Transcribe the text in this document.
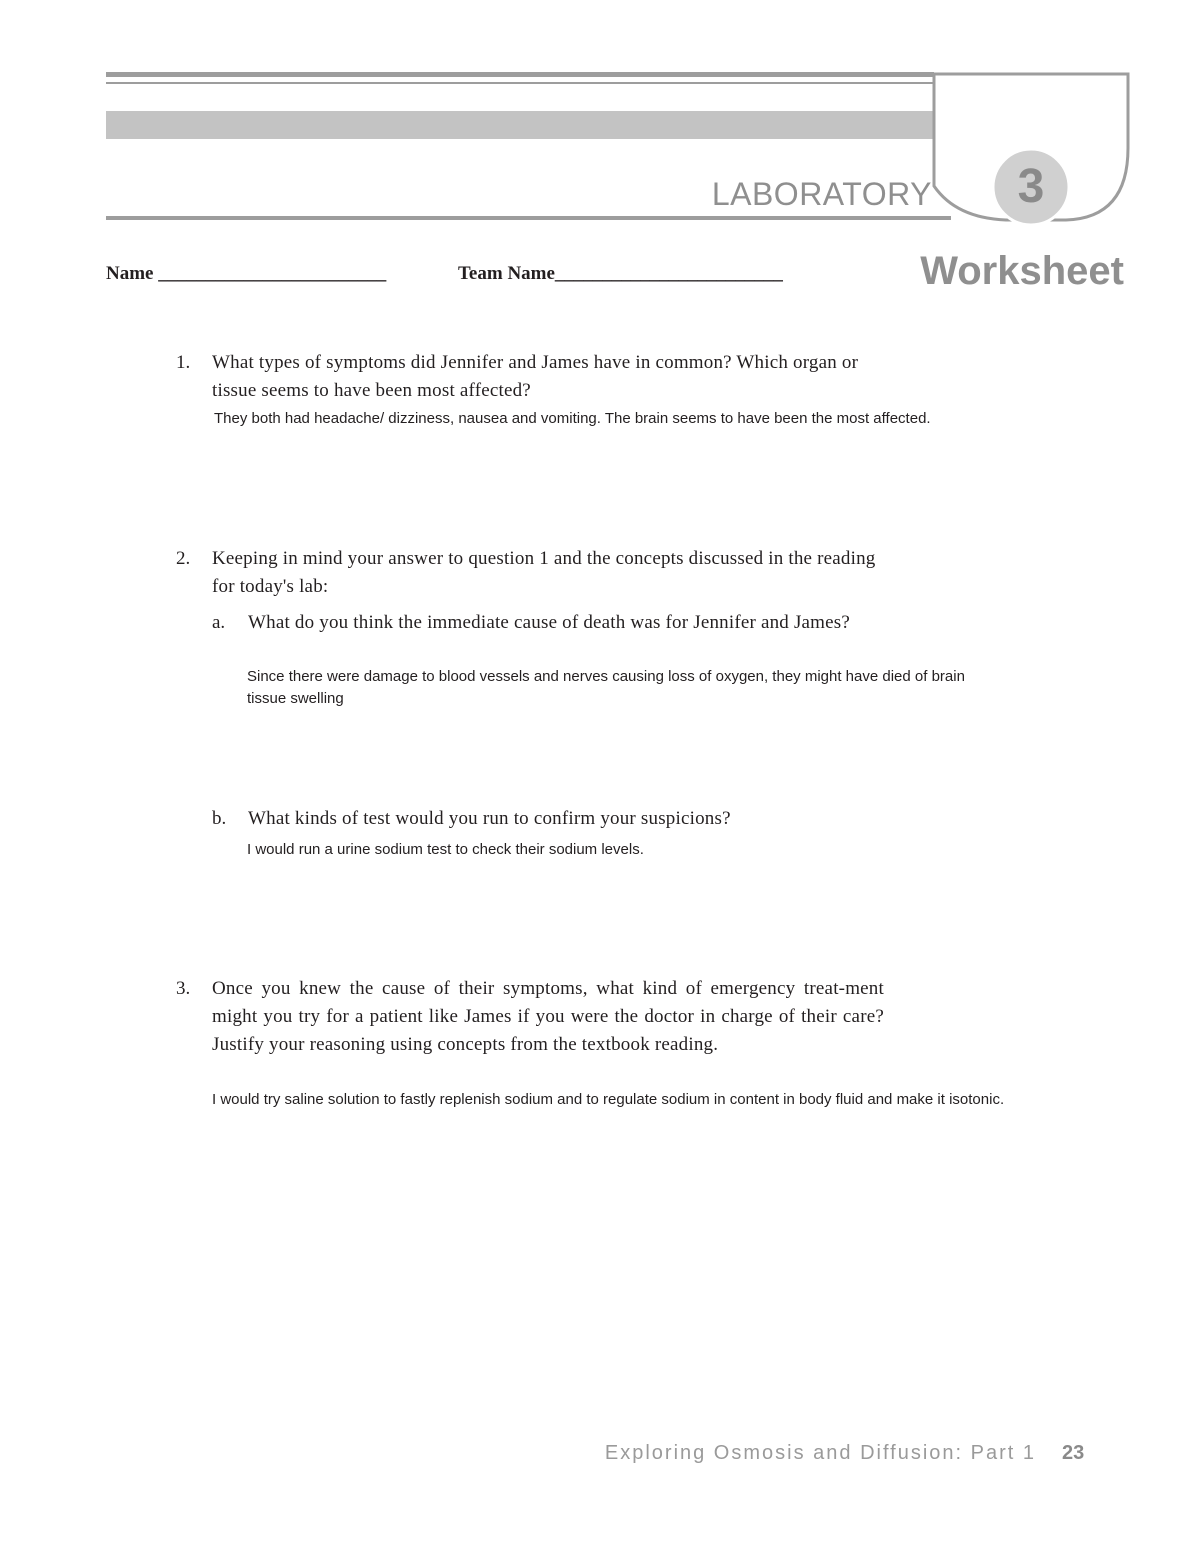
LABORATORY	3
Name ________________________	Team Name________________________	Worksheet
1. What types of symptoms did Jennifer and James have in common? Which organ or tissue seems to have been most affected?
They both had headache/ dizziness, nausea and vomiting. The brain seems to have been the most affected.
2. Keeping in mind your answer to question 1 and the concepts discussed in the reading for today's lab:
a. What do you think the immediate cause of death was for Jennifer and James?
Since there were damage to blood vessels and nerves causing loss of oxygen, they might have died of brain tissue swelling
b. What kinds of test would you run to confirm your suspicions?
I would run a urine sodium test to check their sodium levels.
3. Once you knew the cause of their symptoms, what kind of emergency treat-ment might you try for a patient like James if you were the doctor in charge of their care? Justify your reasoning using concepts from the textbook reading.
I would try saline solution to fastly replenish sodium and to regulate sodium in content in body fluid and make it isotonic.
Exploring Osmosis and Diffusion: Part 1 23
